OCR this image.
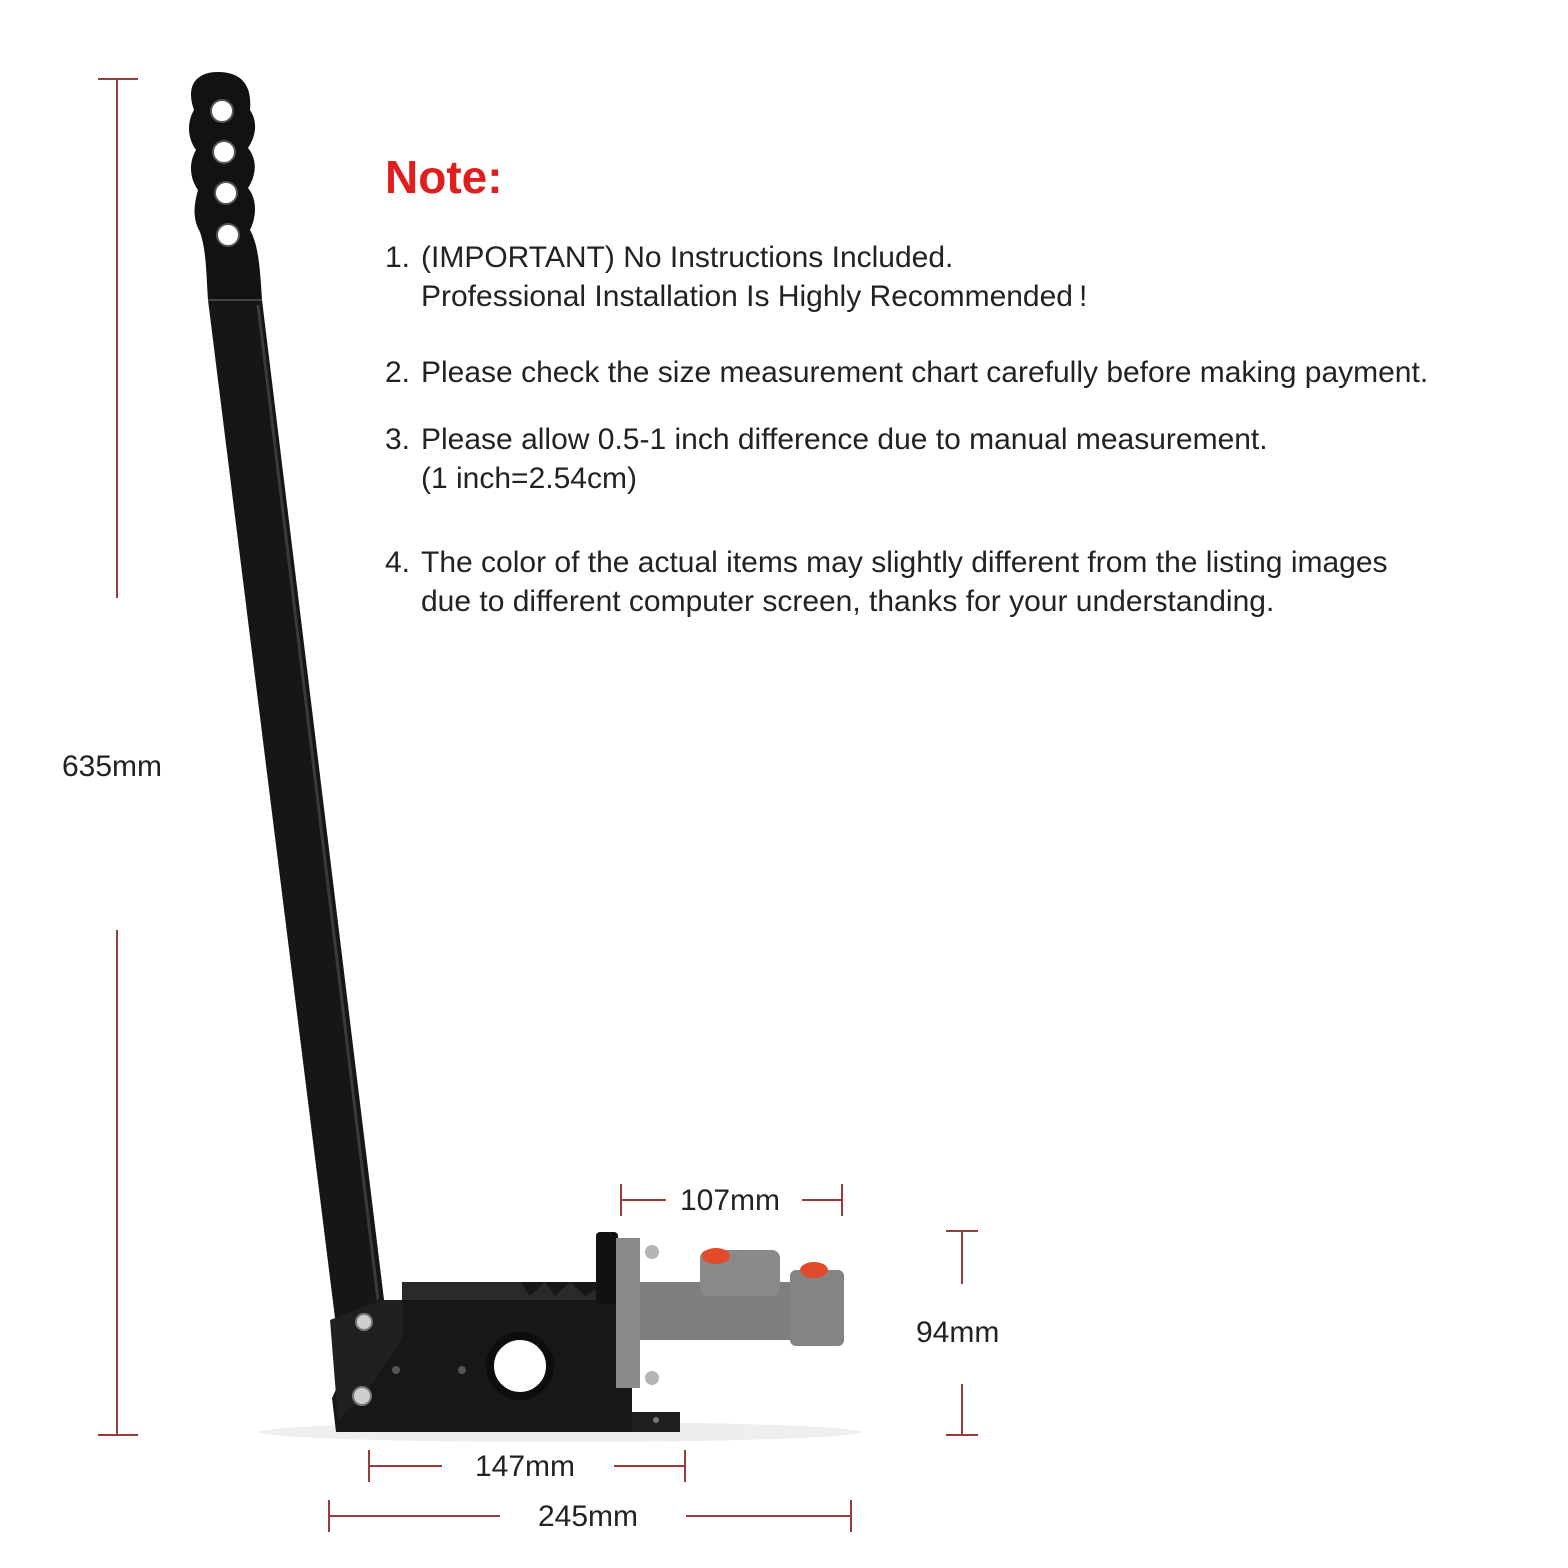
635mm
107mm
94mm
147mm
245mm
Note:
1. (IMPORTANT) No Instructions Included.
Professional Installation Is Highly Recommended !
2. Please check the size measurement chart carefully before making payment.
3. Please allow 0.5-1 inch difference due to manual measurement.
(1 inch=2.54cm)
4. The color of the actual items may slightly different from the listing images
due to different computer screen, thanks for your understanding.
